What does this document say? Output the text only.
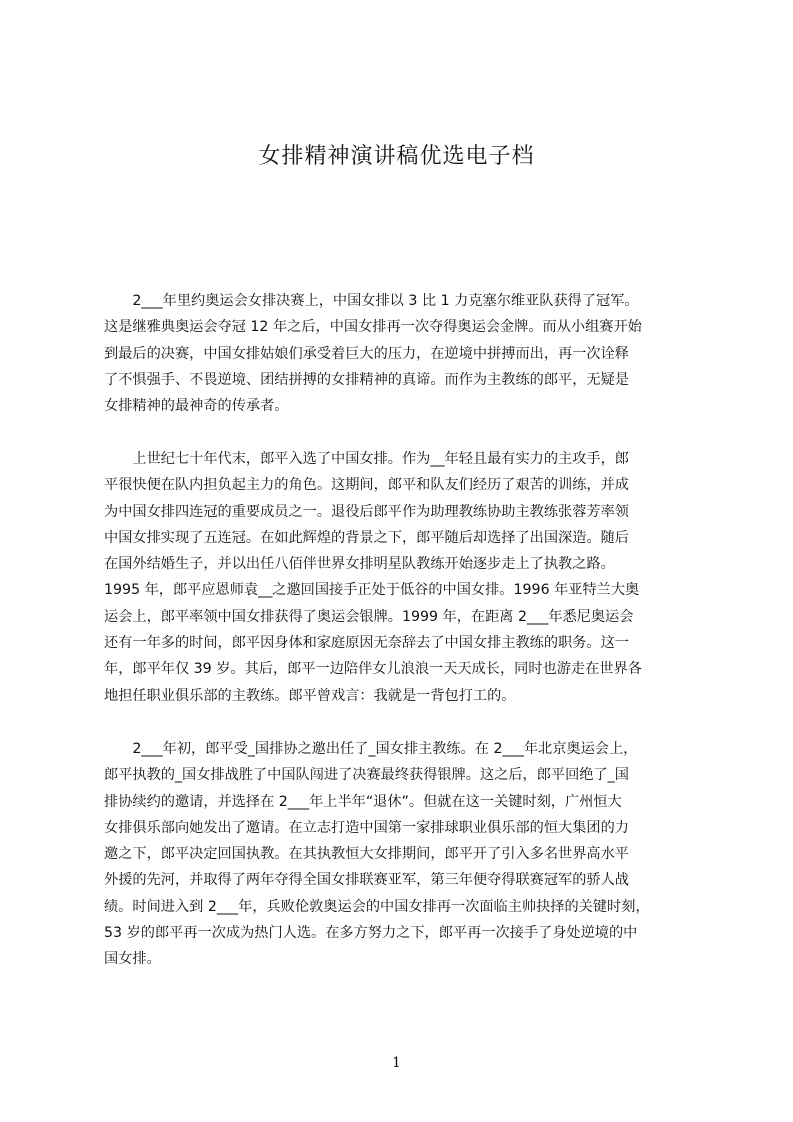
女排精神演讲稿优选电子档
　　2___年里约奥运会女排决赛上，中国女排以 3 比 1 力克塞尔维亚队获得了冠军。
这是继雅典奥运会夺冠 12 年之后，中国女排再一次夺得奥运会金牌。而从小组赛开始
到最后的决赛，中国女排姑娘们承受着巨大的压力，在逆境中拼搏而出，再一次诠释
了不惧强手、不畏逆境、团结拼搏的女排精神的真谛。而作为主教练的郎平，无疑是
女排精神的最神奇的传承者。
　　上世纪七十年代末，郎平入选了中国女排。作为__年轻且最有实力的主攻手，郎
平很快便在队内担负起主力的角色。这期间，郎平和队友们经历了艰苦的训练，并成
为中国女排四连冠的重要成员之一。退役后郎平作为助理教练协助主教练张蓉芳率领
中国女排实现了五连冠。在如此辉煌的背景之下，郎平随后却选择了出国深造。随后
在国外结婚生子，并以出任八佰伴世界女排明星队教练开始逐步走上了执教之路。
1995 年，郎平应恩师袁__之邀回国接手正处于低谷的中国女排。1996 年亚特兰大奥
运会上，郎平率领中国女排获得了奥运会银牌。1999 年，在距离 2___年悉尼奥运会
还有一年多的时间，郎平因身体和家庭原因无奈辞去了中国女排主教练的职务。这一
年，郎平年仅 39 岁。其后，郎平一边陪伴女儿浪浪一天天成长，同时也游走在世界各
地担任职业俱乐部的主教练。郎平曾戏言：我就是一背包打工的。
　　2___年初，郎平受_国排协之邀出任了_国女排主教练。在 2___年北京奥运会上，
郎平执教的_国女排战胜了中国队闯进了决赛最终获得银牌。这之后，郎平回绝了_国
排协续约的邀请，并选择在 2___年上半年“退休”。但就在这一关键时刻，广州恒大
女排俱乐部向她发出了邀请。在立志打造中国第一家排球职业俱乐部的恒大集团的力
邀之下，郎平决定回国执教。在其执教恒大女排期间，郎平开了引入多名世界高水平
外援的先河，并取得了两年夺得全国女排联赛亚军，第三年便夺得联赛冠军的骄人战
绩。时间进入到 2___年，兵败伦敦奥运会的中国女排再一次面临主帅抉择的关键时刻，
53 岁的郎平再一次成为热门人选。在多方努力之下，郎平再一次接手了身处逆境的中
国女排。
1
